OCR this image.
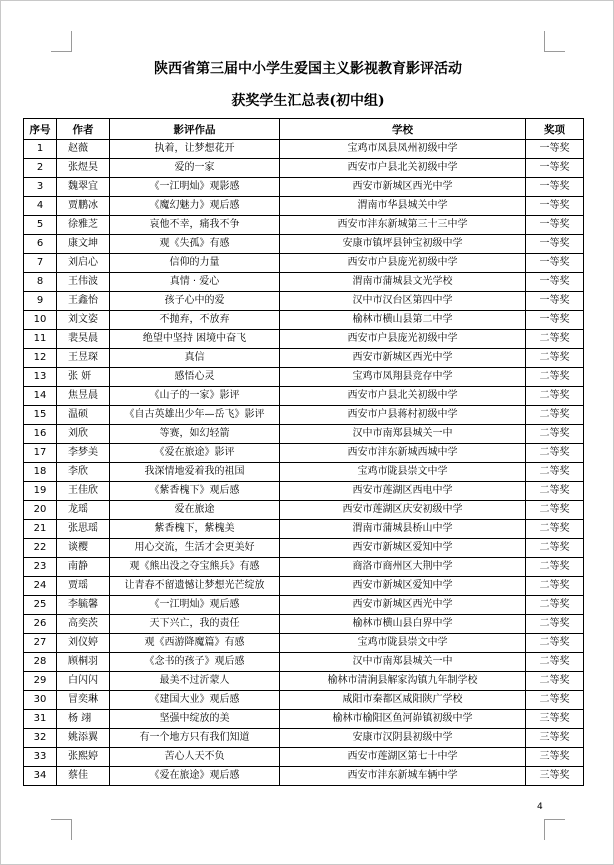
陕西省第三届中小学生爱国主义影视教育影评活动
获奖学生汇总表(初中组)
序号	作者	影评作品	学校	奖项
1	赵薇	执着，让梦想花开	宝鸡市凤县凤州初级中学	一等奖
2	张煜昊	爱的一家	西安市户县北关初级中学	一等奖
3	魏翠宜	《一江明灿》观影感	西安市新城区西光中学	一等奖
4	贾鹏冰	《魔幻魅力》观后感	渭南市华县城关中学	一等奖
5	徐雅芝	哀他不幸，痛我不争	西安市沣东新城第三十三中学	一等奖
6	康文坤	观《失孤》有感	安康市镇坪县钟宝初级中学	一等奖
7	刘启心	信仰的力量	西安市户县庞光初级中学	一等奖
8	王伟波	真情 · 爱心	渭南市蒲城县文光学校	一等奖
9	王鑫怡	孩子心中的爱	汉中市汉台区第四中学	一等奖
10	刘文姿	不抛弃，不放弃	榆林市横山县第二中学	一等奖
11	裴昊晨	绝望中坚持 困境中奋飞	西安市户县庞光初级中学	二等奖
12	王昱琛	真信	西安市新城区西光中学	二等奖
13	张 妍	感悟心灵	宝鸡市凤翔县竞存中学	二等奖
14	焦昱晨	《山子的一家》影评	西安市户县北关初级中学	二等奖
15	温硕	《自古英雄出少年—岳飞》影评	西安市户县蒋村初级中学	二等奖
16	刘欣	等赛，如幻轻箭	汉中市南郑县城关一中	二等奖
17	李梦美	《爱在旅途》影评	西安市沣东新城西城中学	二等奖
18	李欣	我深情地爱着我的祖国	宝鸡市陇县崇文中学	二等奖
19	王佳欣	《紫香槐下》观后感	西安市莲湖区西电中学	二等奖
20	龙瑶	爱在旅途	西安市莲湖区庆安初级中学	二等奖
21	张思瑶	紫香槐下，紫槐美	渭南市蒲城县桥山中学	二等奖
22	谈樱	用心交流，生活才会更美好	西安市新城区爱知中学	二等奖
23	南静	观《熊出没之夺宝熊兵》有感	商洛市商州区大荆中学	二等奖
24	贾瑶	让青春不留遗憾让梦想光芒绽放	西安市新城区爱知中学	二等奖
25	李毓馨	《一江明灿》观后感	西安市新城区西光中学	二等奖
26	高奕茨	天下兴亡，我的责任	榆林市横山县白界中学	二等奖
27	刘仪婷	观《西游降魔篇》有感	宝鸡市陇县崇文中学	二等奖
28	顾桐羽	《念书的孩子》观后感	汉中市南郑县城关一中	二等奖
29	白闪闪	最美不过沂蒙人	榆林市清涧县解家沟镇九年制学校	二等奖
30	冒奕琳	《建国大业》观后感	咸阳市秦都区咸阳陕广学校	二等奖
31	杨 翊	坚强中绽放的美	榆林市榆阳区鱼河峁镇初级中学	三等奖
32	姚添翼	有一个地方只有我们知道	安康市汉阴县初级中学	三等奖
33	张熙婷	苦心人天不负	西安市莲湖区第七十中学	三等奖
34	蔡佳	《爱在旅途》观后感	西安市沣东新城车辆中学	三等奖
4
